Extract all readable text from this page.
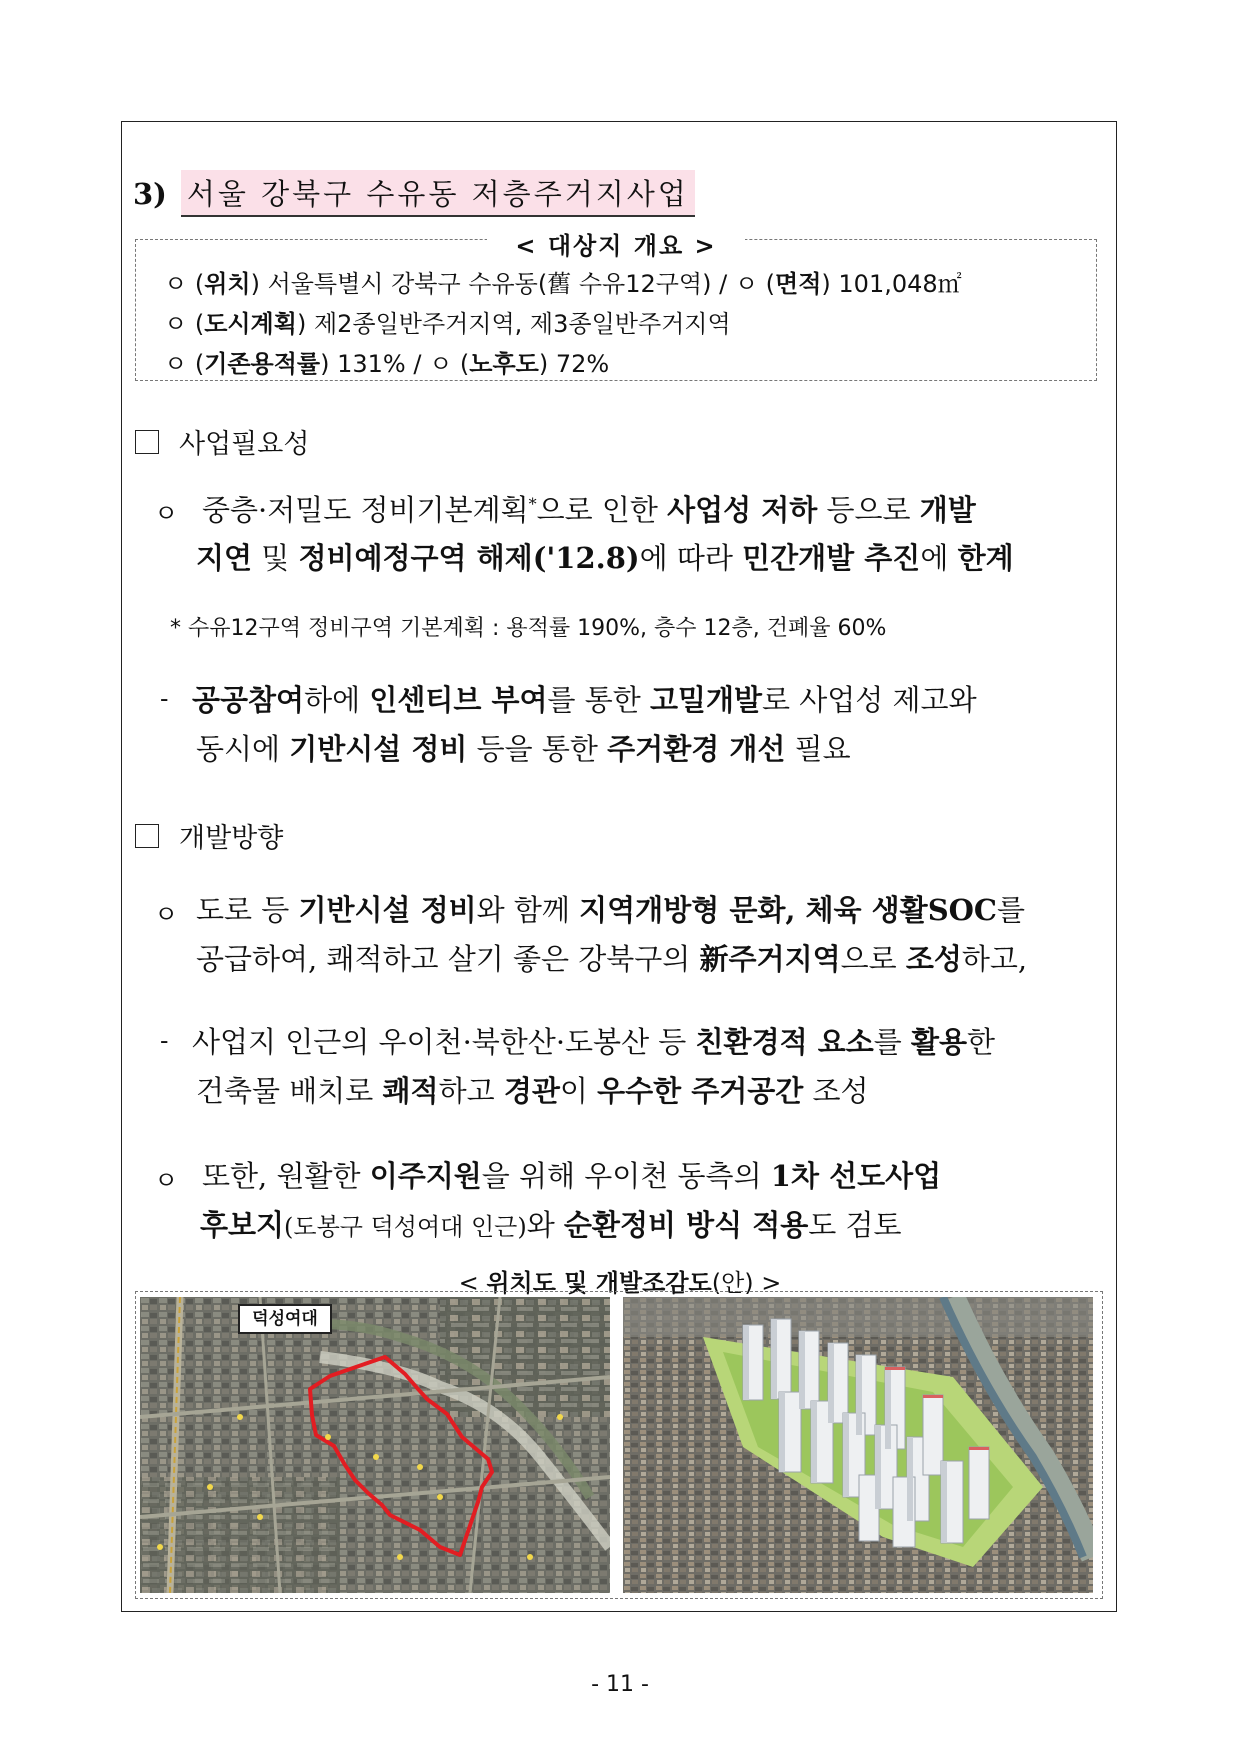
3) 서울 강북구 수유동 저층주거지사업
< 대상지 개요 >
ㅇ (위치) 서울특별시 강북구 수유동(舊 수유12구역) / ㅇ (면적) 101,048㎡
ㅇ (도시계획) 제2종일반주거지역, 제3종일반주거지역
ㅇ (기존용적률) 131% / ㅇ (노후도) 72%
사업필요성
ㅇ 중층·저밀도 정비기본계획*으로 인한 사업성 저하 등으로 개발
지연 및 정비예정구역 해제('12.8)에 따라 민간개발 추진에 한계
* 수유12구역 정비구역 기본계획 : 용적률 190%, 층수 12층, 건폐율 60%
- 공공참여하에 인센티브 부여를 통한 고밀개발로 사업성 제고와
동시에 기반시설 정비 등을 통한 주거환경 개선 필요
개발방향
ㅇ 도로 등 기반시설 정비와 함께 지역개방형 문화, 체육 생활SOC를
공급하여, 쾌적하고 살기 좋은 강북구의 新주거지역으로 조성하고,
- 사업지 인근의 우이천·북한산·도봉산 등 친환경적 요소를 활용한
건축물 배치로 쾌적하고 경관이 우수한 주거공간 조성
ㅇ 또한, 원활한 이주지원을 위해 우이천 동측의 1차 선도사업
후보지(도봉구 덕성여대 인근)와 순환정비 방식 적용도 검토
< 위치도 및 개발조감도(안) >
덕성여대
- 11 -
